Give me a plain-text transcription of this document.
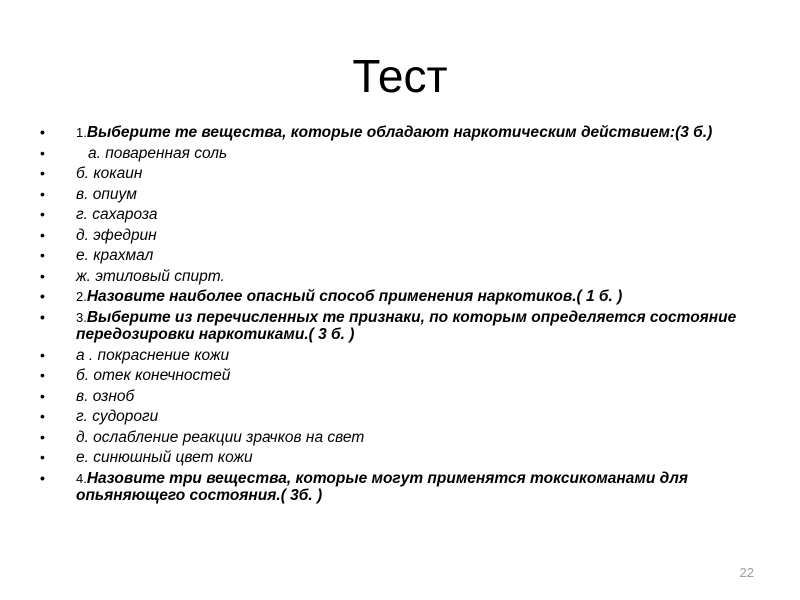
Тест
• 1.Выберите те вещества, которые обладают наркотическим действием:(3 б.)
• а. поваренная соль
• б. кокаин
• в. опиум
• г. сахароза
• д. эфедрин
• е. крахмал
• ж. этиловый спирт.
• 2.Назовите наиболее опасный способ применения наркотиков.( 1 б. )
• 3.Выберите из перечисленных те признаки, по которым определяется состояние передозировки наркотиками.( 3 б. )
• а . покраснение кожи
• б. отек конечностей
• в. озноб
• г. судороги
• д. ослабление реакции зрачков на свет
• е. синюшный цвет кожи
• 4.Назовите три вещества, которые могут применятся токсикоманами для опьяняющего состояния.( 3б. )
22
